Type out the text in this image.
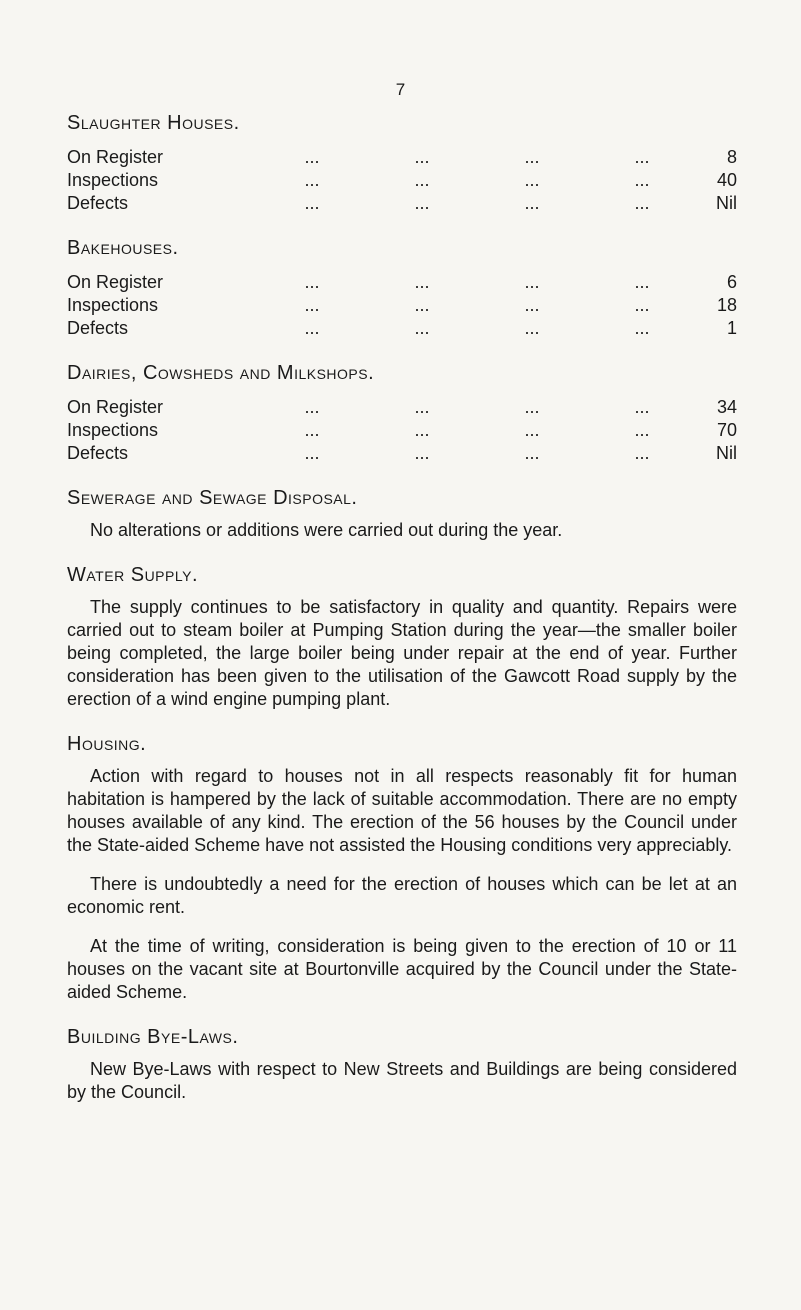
7
Slaughter Houses.
On Register	...	...	...	...	8
Inspections	...	...	...	...	40
Defects	...	...	...	...	Nil
Bakehouses.
On Register	...	...	...	...	6
Inspections	...	...	...	...	18
Defects	...	...	...	...	1
Dairies, Cowsheds and Milkshops.
On Register	...	...	...	...	34
Inspections	...	...	...	...	70
Defects	...	...	...	...	Nil
Sewerage and Sewage Disposal.

No alterations or additions were carried out during the year.

Water Supply.

The supply continues to be satisfactory in quality and quantity. Repairs were carried out to steam boiler at Pumping Station during the year—the smaller boiler being completed, the large boiler being under repair at the end of year. Further consideration has been given to the utilisation of the Gawcott Road supply by the erection of a wind engine pumping plant.

Housing.

Action with regard to houses not in all respects reasonably fit for human habitation is hampered by the lack of suitable accommodation. There are no empty houses available of any kind. The erection of the 56 houses by the Council under the State-aided Scheme have not assisted the Housing conditions very appreciably.

There is undoubtedly a need for the erection of houses which can be let at an economic rent.

At the time of writing, consideration is being given to the erection of 10 or 11 houses on the vacant site at Bourtonville acquired by the Council under the State-aided Scheme.

Building Bye-Laws.

New Bye-Laws with respect to New Streets and Buildings are being considered by the Council.
